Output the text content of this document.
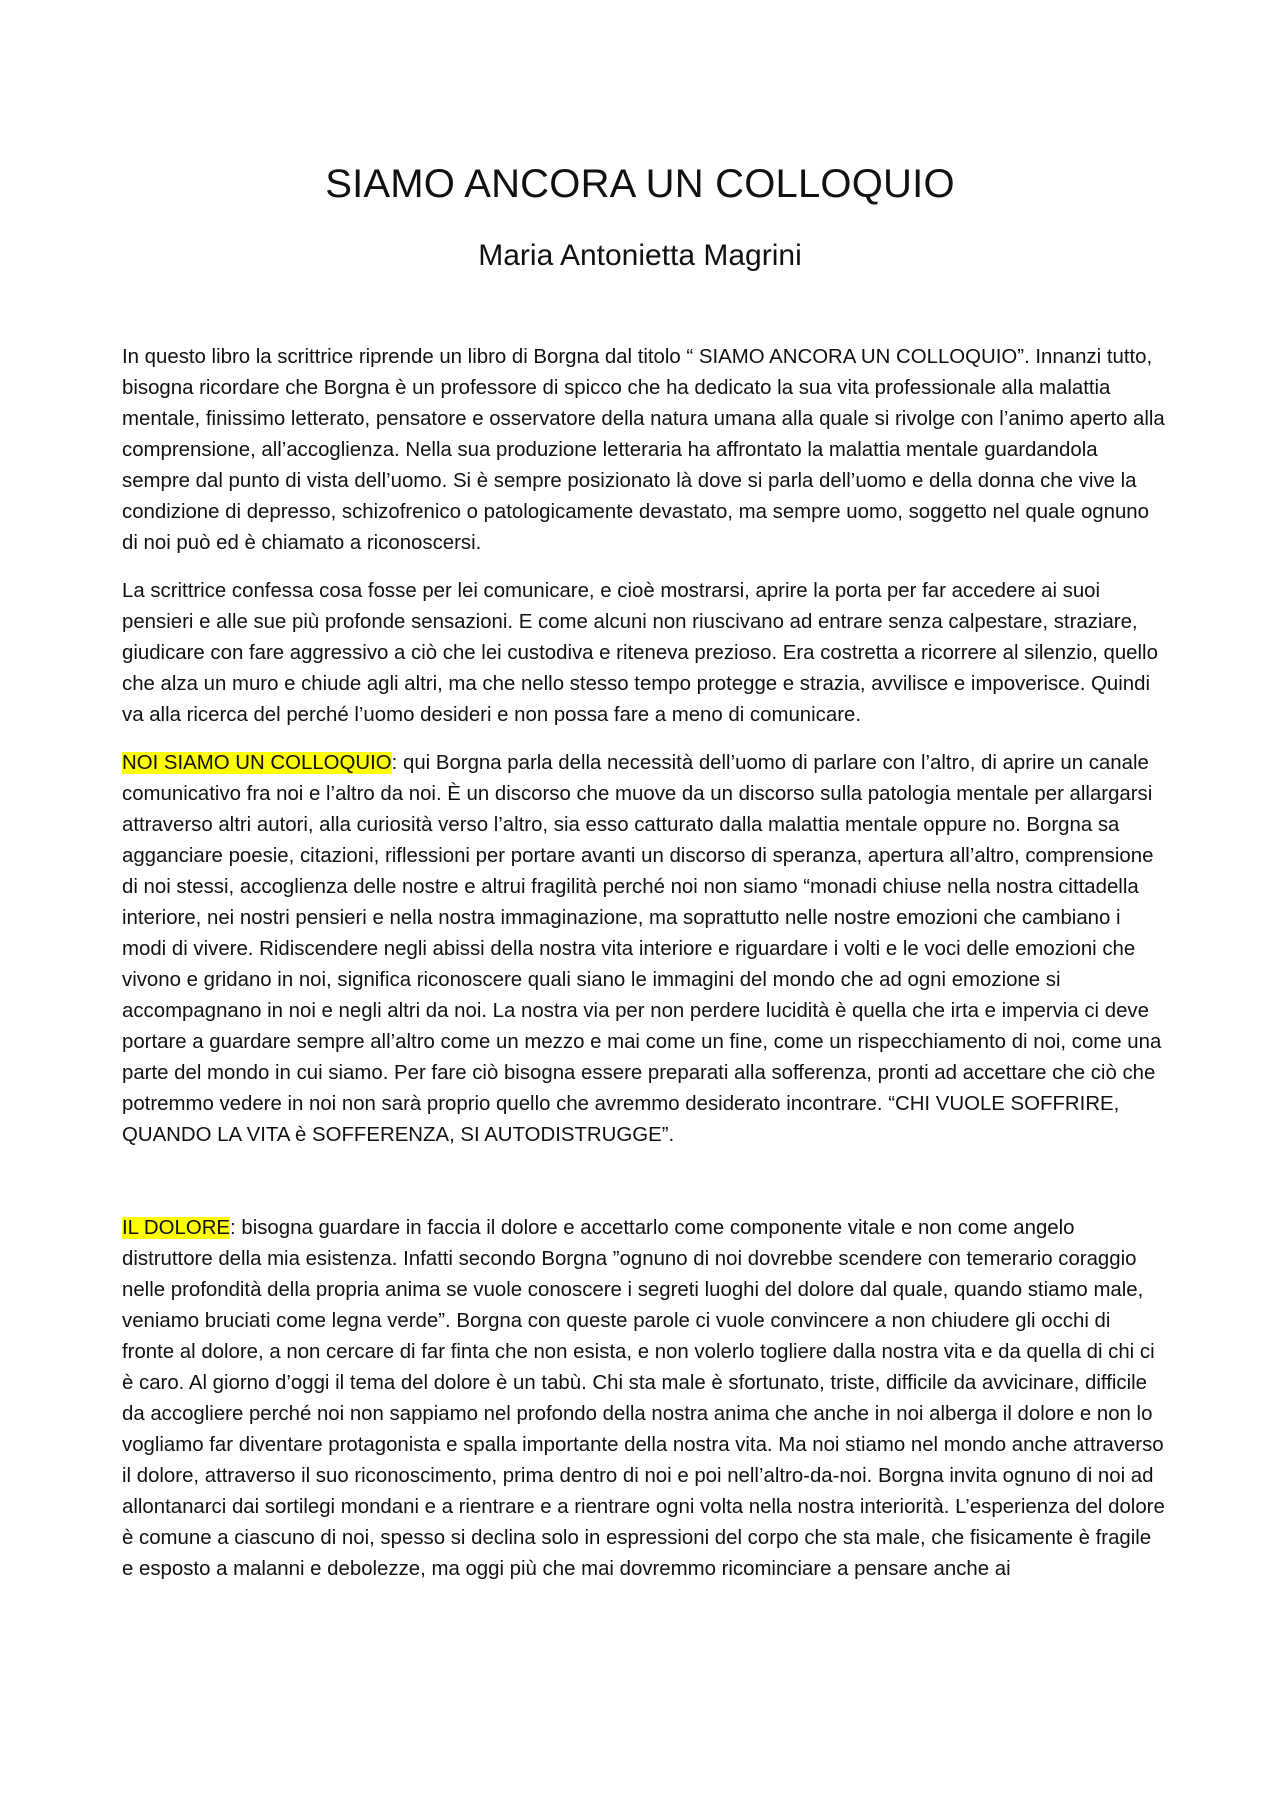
SIAMO ANCORA UN COLLOQUIO
Maria Antonietta Magrini

In questo libro la scrittrice riprende un libro di Borgna dal titolo “ SIAMO ANCORA UN COLLOQUIO”. Innanzi tutto, bisogna ricordare che Borgna è un professore di spicco che ha dedicato la sua vita professionale alla malattia mentale, finissimo letterato, pensatore e osservatore della natura umana alla quale si rivolge con l’animo aperto alla comprensione, all’accoglienza. Nella sua produzione letteraria ha affrontato la malattia mentale guardandola sempre dal punto di vista dell’uomo. Si è sempre posizionato là dove si parla dell’uomo e della donna che vive la condizione di depresso, schizofrenico o patologicamente devastato, ma sempre uomo, soggetto nel quale ognuno di noi può ed è chiamato a riconoscersi.

La scrittrice confessa cosa fosse per lei comunicare, e cioè mostrarsi, aprire la porta per far accedere ai suoi pensieri e alle sue più profonde sensazioni. E come alcuni non riuscivano ad entrare senza calpestare, straziare, giudicare con fare aggressivo a ciò che lei custodiva e riteneva prezioso. Era costretta a ricorrere al silenzio, quello che alza un muro e chiude agli altri, ma che nello stesso tempo protegge e strazia, avvilisce e impoverisce. Quindi va alla ricerca del perché l’uomo desideri e non possa fare a meno di comunicare.

NOI SIAMO UN COLLOQUIO: qui Borgna parla della necessità dell’uomo di parlare con l’altro, di aprire un canale comunicativo fra noi e l’altro da noi. È un discorso che muove da un discorso sulla patologia mentale per allargarsi attraverso altri autori, alla curiosità verso l’altro, sia esso catturato dalla malattia mentale oppure no. Borgna sa agganciare poesie, citazioni, riflessioni per portare avanti un discorso di speranza, apertura all’altro, comprensione di noi stessi, accoglienza delle nostre e altrui fragilità perché noi non siamo “monadi chiuse nella nostra cittadella interiore, nei nostri pensieri e nella nostra immaginazione, ma soprattutto nelle nostre emozioni che cambiano i modi di vivere. Ridiscendere negli abissi della nostra vita interiore e riguardare i volti e le voci delle emozioni che vivono e gridano in noi, significa riconoscere quali siano le immagini del mondo che ad ogni emozione si accompagnano in noi e negli altri da noi. La nostra via per non perdere lucidità è quella che irta e impervia ci deve portare a guardare sempre all’altro come un mezzo e mai come un fine, come un rispecchiamento di noi, come una parte del mondo in cui siamo. Per fare ciò bisogna essere preparati alla sofferenza, pronti ad accettare che ciò che potremmo vedere in noi non sarà proprio quello che avremmo desiderato incontrare. “CHI VUOLE SOFFRIRE, QUANDO LA VITA è SOFFERENZA, SI AUTODISTRUGGE”.

IL DOLORE: bisogna guardare in faccia il dolore e accettarlo come componente vitale e non come angelo distruttore della mia esistenza. Infatti secondo Borgna ”ognuno di noi dovrebbe scendere con temerario coraggio nelle profondità della propria anima se vuole conoscere i segreti luoghi del dolore dal quale, quando stiamo male, veniamo bruciati come legna verde”. Borgna con queste parole ci vuole convincere a non chiudere gli occhi di fronte al dolore, a non cercare di far finta che non esista, e non volerlo togliere dalla nostra vita e da quella di chi ci è caro. Al giorno d’oggi il tema del dolore è un tabù. Chi sta male è sfortunato, triste, difficile da avvicinare, difficile da accogliere perché noi non sappiamo nel profondo della nostra anima che anche in noi alberga il dolore e non lo vogliamo far diventare protagonista e spalla importante della nostra vita. Ma noi stiamo nel mondo anche attraverso il dolore, attraverso il suo riconoscimento, prima dentro di noi e poi nell’altro-da-noi. Borgna invita ognuno di noi ad allontanarci dai sortilegi mondani e a rientrare e a rientrare ogni volta nella nostra interiorità. L’esperienza del dolore è comune a ciascuno di noi, spesso si declina solo in espressioni del corpo che sta male, che fisicamente è fragile e esposto a malanni e debolezze, ma oggi più che mai dovremmo ricominciare a pensare anche ai
